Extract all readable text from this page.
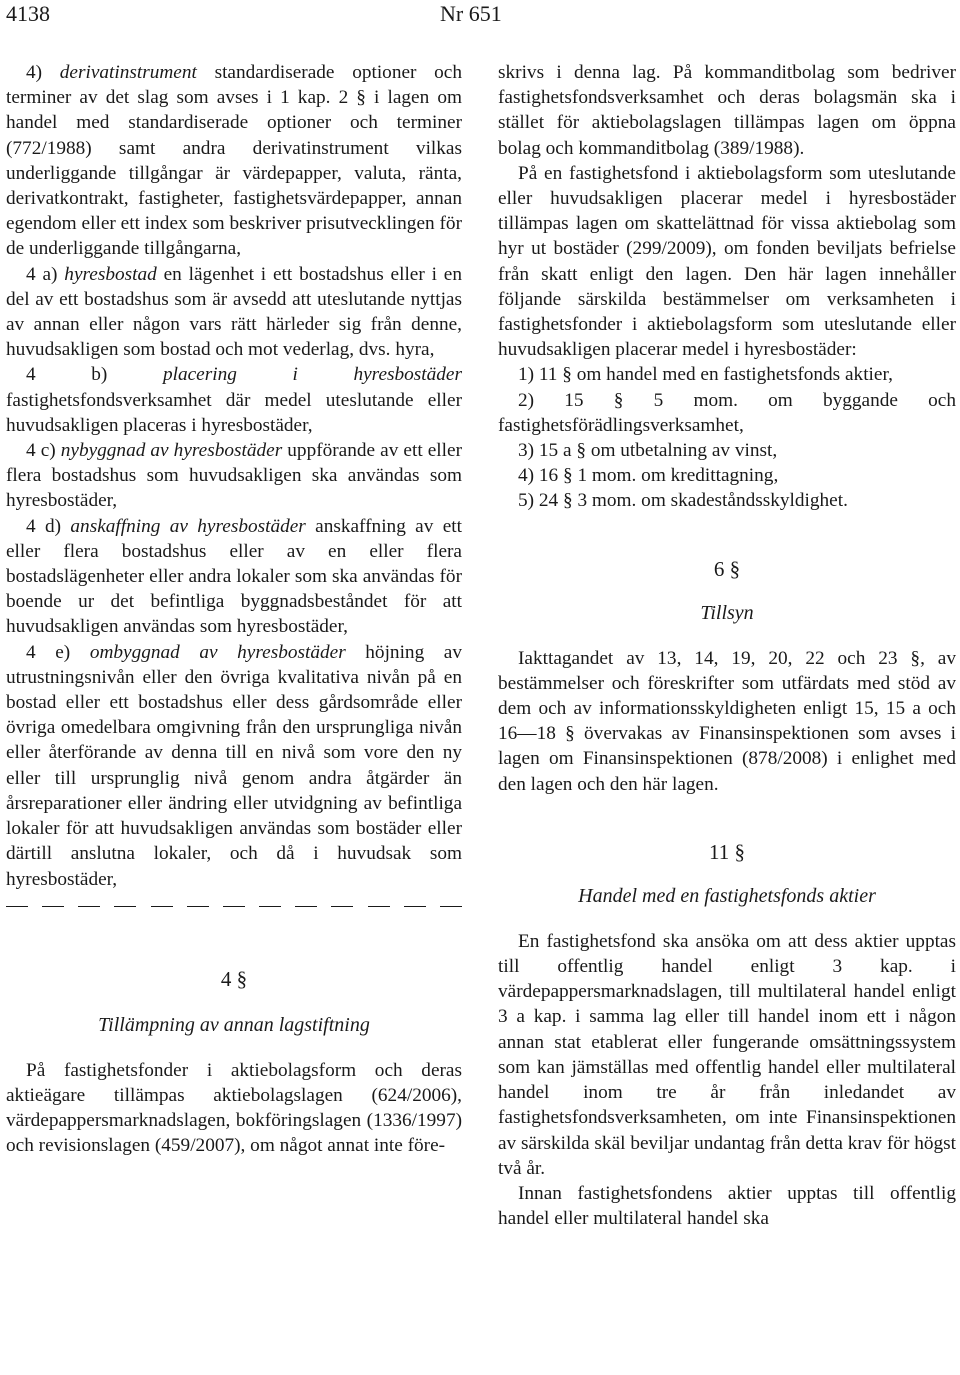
4138	Nr 651

4) derivatinstrument standardiserade optioner och terminer av det slag som avses i 1 kap. 2 § i lagen om handel med standardiserade optioner och terminer (772/1988) samt andra derivatinstrument vilkas underliggande tillgångar är värdepapper, valuta, ränta, derivatkontrakt, fastigheter, fastighetsvärdepapper, annan egendom eller ett index som beskriver prisutvecklingen för de underliggande tillgångarna,

4 a) hyresbostad en lägenhet i ett bostadshus eller i en del av ett bostadshus som är avsedd att uteslutande nyttjas av annan eller någon vars rätt härleder sig från denne, huvudsakligen som bostad och mot vederlag, dvs. hyra,

4 b) placering i hyresbostäder fastighetsfondsverksamhet där medel uteslutande eller huvudsakligen placeras i hyresbostäder,

4 c) nybyggnad av hyresbostäder uppförande av ett eller flera bostadshus som huvudsakligen ska användas som hyresbostäder,

4 d) anskaffning av hyresbostäder anskaffning av ett eller flera bostadshus eller av en eller flera bostadslägenheter eller andra lokaler som ska användas för boende ur det befintliga byggnadsbeståndet för att huvudsakligen användas som hyresbostäder,

4 e) ombyggnad av hyresbostäder höjning av utrustningsnivån eller den övriga kvalitativa nivån på en bostad eller ett bostadshus eller dess gårdsområde eller övriga omedelbara omgivning från den ursprungliga nivån eller återförande av denna till en nivå som vore den ny eller till ursprunglig nivå genom andra åtgärder än årsreparationer eller ändring eller utvidgning av befintliga lokaler för att huvudsakligen användas som bostäder eller därtill anslutna lokaler, och då i huvudsak som hyresbostäder,

4 §

Tillämpning av annan lagstiftning

På fastighetsfonder i aktiebolagsform och deras aktieägare tillämpas aktiebolagslagen (624/2006), värdepappersmarknadslagen, bokföringslagen (1336/1997) och revisionslagen (459/2007), om något annat inte före-

skrivs i denna lag. På kommanditbolag som bedriver fastighetsfondsverksamhet och deras bolagsmän ska i stället för aktiebolagslagen tillämpas lagen om öppna bolag och kommanditbolag (389/1988).

På en fastighetsfond i aktiebolagsform som uteslutande eller huvudsakligen placerar medel i hyresbostäder tillämpas lagen om skattelättnad för vissa aktiebolag som hyr ut bostäder (299/2009), om fonden beviljats befrielse från skatt enligt den lagen. Den här lagen innehåller följande särskilda bestämmelser om verksamheten i fastighetsfonder i aktiebolagsform som uteslutande eller huvudsakligen placerar medel i hyresbostäder:

1) 11 § om handel med en fastighetsfonds aktier,

2) 15 § 5 mom. om byggande och fastighetsförädlingsverksamhet,

3) 15 a § om utbetalning av vinst,

4) 16 § 1 mom. om kredittagning,

5) 24 § 3 mom. om skadeståndsskyldighet.

6 §

Tillsyn

Iakttagandet av 13, 14, 19, 20, 22 och 23 §, av bestämmelser och föreskrifter som utfärdats med stöd av dem och av informationsskyldigheten enligt 15, 15 a och 16—18 § övervakas av Finansinspektionen som avses i lagen om Finansinspektionen (878/2008) i enlighet med den lagen och den här lagen.

11 §

Handel med en fastighetsfonds aktier

En fastighetsfond ska ansöka om att dess aktier upptas till offentlig handel enligt 3 kap. i värdepappersmarknadslagen, till multilateral handel enligt 3 a kap. i samma lag eller till handel inom ett i någon annan stat etablerat eller fungerande omsättningssystem som kan jämställas med offentlig handel eller multilateral handel inom tre år från inledandet av fastighetsfondsverksamheten, om inte Finansinspektionen av särskilda skäl beviljar undantag från detta krav för högst två år.

Innan fastighetsfondens aktier upptas till offentlig handel eller multilateral handel ska
